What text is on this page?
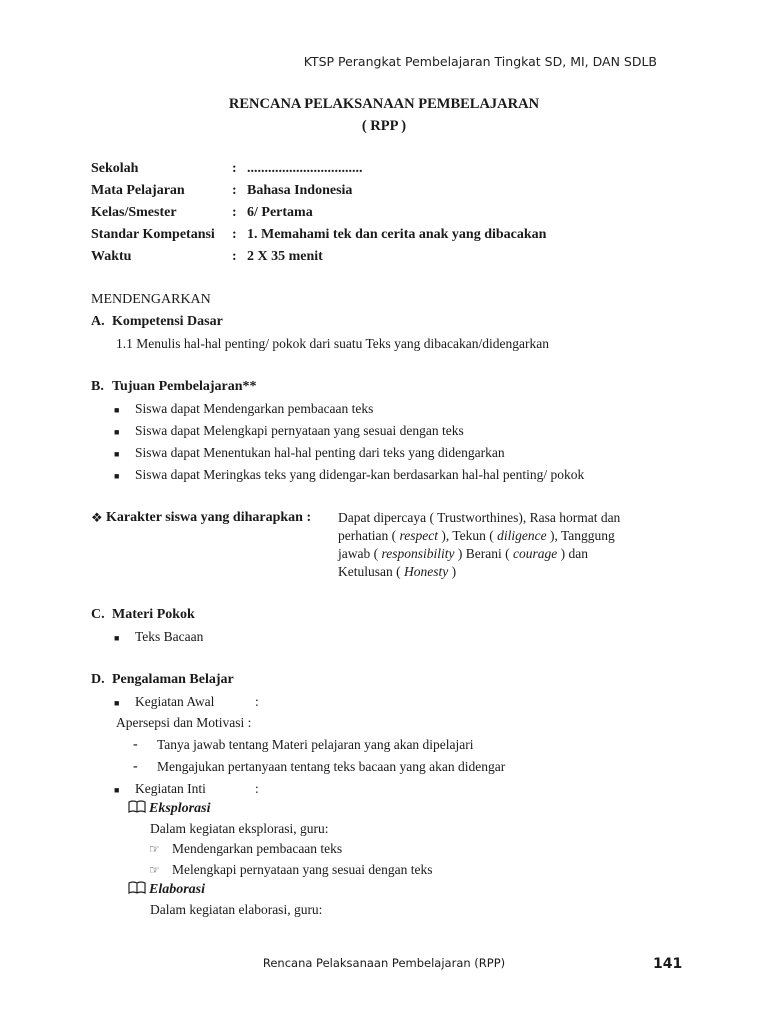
KTSP Perangkat Pembelajaran Tingkat SD, MI, DAN SDLB
RENCANA PELAKSANAAN PEMBELAJARAN
( RPP )
Sekolah	: .................................
Mata Pelajaran	: Bahasa Indonesia
Kelas/Smester	: 6/ Pertama
Standar Kompetansi : 1. Memahami tek dan cerita anak yang dibacakan
Waktu	: 2 X 35 menit
MENDENGARKAN
A. Kompetensi Dasar
1.1 Menulis hal-hal penting/ pokok dari suatu Teks yang dibacakan/didengarkan
B. Tujuan Pembelajaran**
■ Siswa dapat Mendengarkan pembacaan teks
■ Siswa dapat Melengkapi pernyataan yang sesuai dengan teks
■ Siswa dapat Menentukan hal-hal penting dari teks yang didengarkan
■ Siswa dapat Meringkas teks yang didengar-kan berdasarkan hal-hal penting/ pokok
❖ Karakter siswa yang diharapkan : Dapat dipercaya ( Trustworthines), Rasa hormat dan
perhatian ( respect ), Tekun ( diligence ), Tanggung
jawab ( responsibility ) Berani ( courage ) dan
Ketulusan ( Honesty )
C. Materi Pokok
■ Teks Bacaan
D. Pengalaman Belajar
■ Kegiatan Awal	:
Apersepsi dan Motivasi :
- Tanya jawab tentang Materi pelajaran yang akan dipelajari
- Mengajukan pertanyaan tentang teks bacaan yang akan didengar
■ Kegiatan Inti	:
Eksplorasi
Dalam kegiatan eksplorasi, guru:
☞ Mendengarkan pembacaan teks
☞ Melengkapi pernyataan yang sesuai dengan teks
Elaborasi
Dalam kegiatan elaborasi, guru:
Rencana Pelaksanaan Pembelajaran (RPP)	141
